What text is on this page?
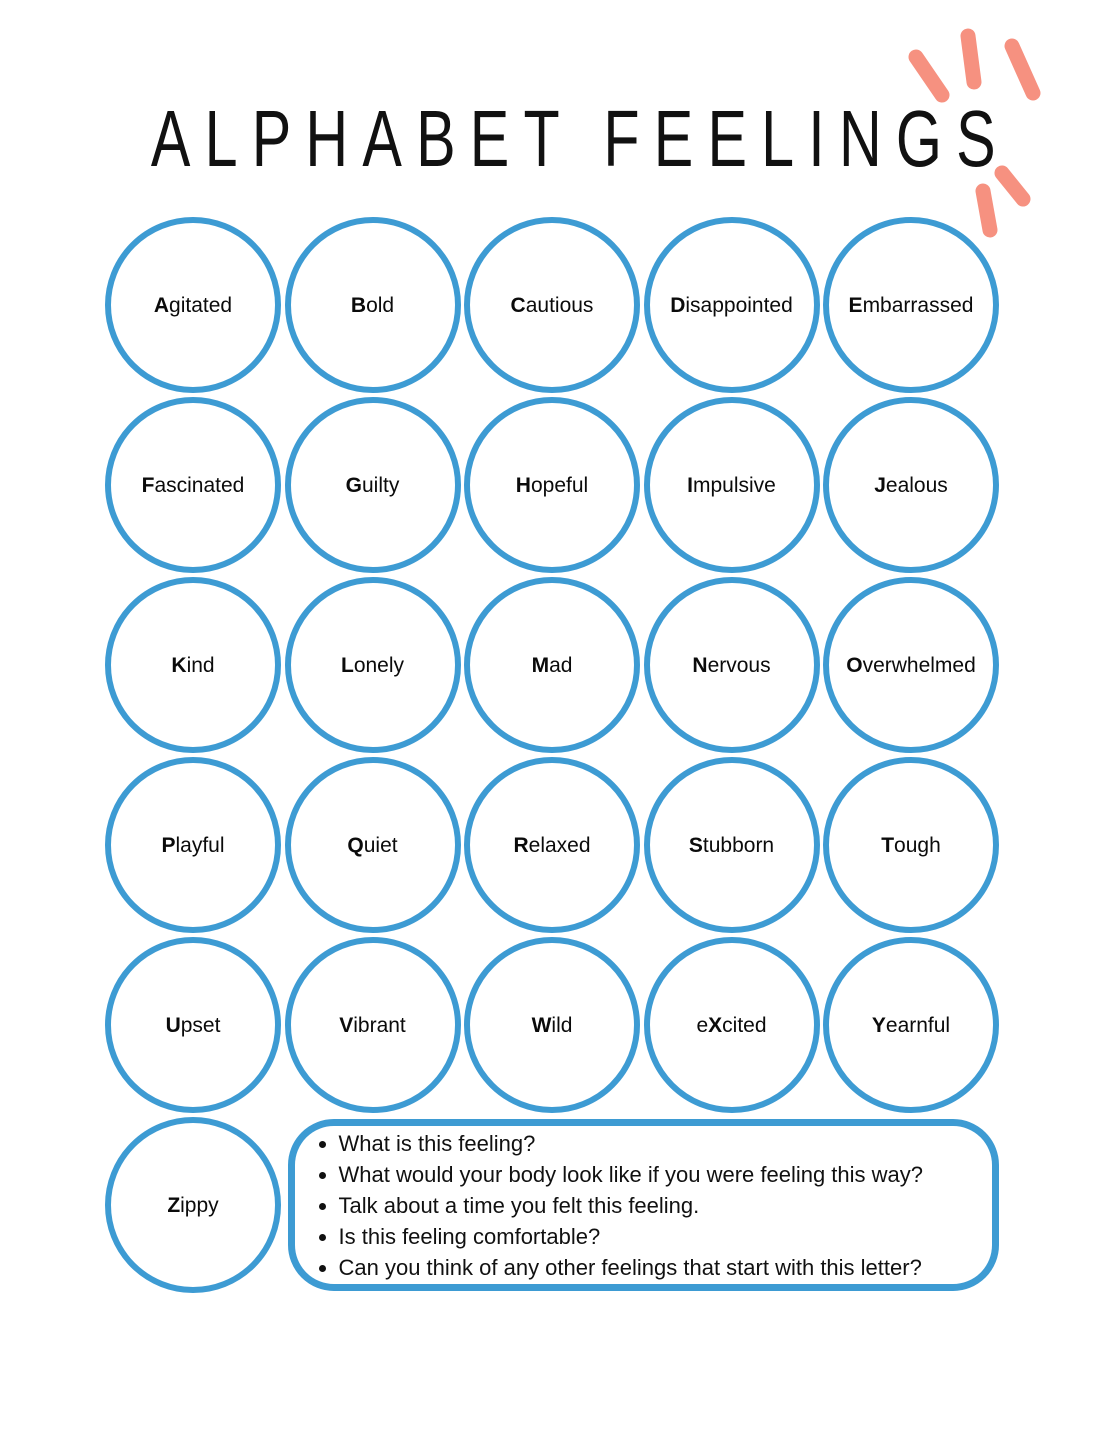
ALPHABET FEELINGS
Agitated	Bold	Cautious	Disappointed	Embarrassed
Fascinated	Guilty	Hopeful	Impulsive	Jealous
Kind	Lonely	Mad	Nervous	Overwhelmed
Playful	Quiet	Relaxed	Stubborn	Tough
Upset	Vibrant	Wild	eXcited	Yearnful
Zippy
• What is this feeling?
• What would your body look like if you were feeling this way?
• Talk about a time you felt this feeling.
• Is this feeling comfortable?
• Can you think of any other feelings that start with this letter?
